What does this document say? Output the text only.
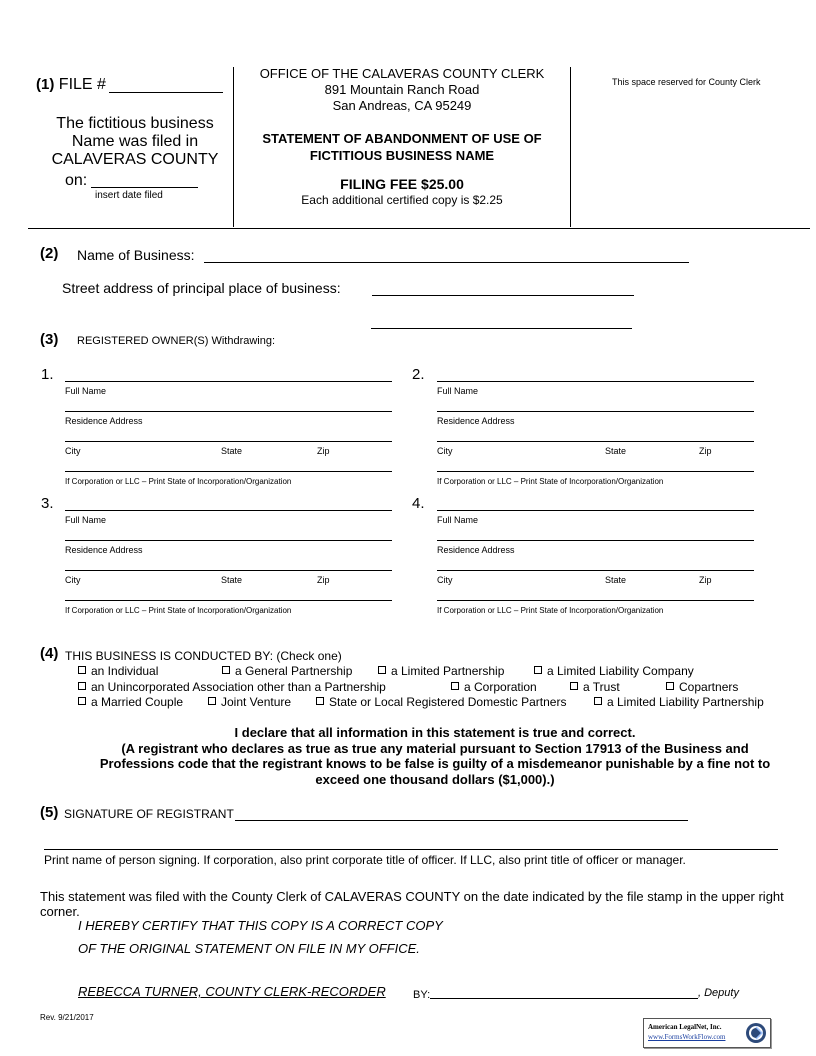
(1) FILE #
The fictitious business
Name was filed in
CALAVERAS COUNTY
on:
insert date filed
OFFICE OF THE CALAVERAS COUNTY CLERK
891 Mountain Ranch Road
San Andreas, CA 95249
STATEMENT OF ABANDONMENT OF USE OF
FICTITIOUS BUSINESS NAME
FILING FEE $25.00
Each additional certified copy is $2.25
This space reserved for County Clerk
(2) Name of Business:
Street address of principal place of business:
(3) REGISTERED OWNER(S) Withdrawing:
1.
Full Name
Residence Address
City	State	Zip
If Corporation or LLC – Print State of Incorporation/Organization
2.
Full Name
Residence Address
City	State	Zip
If Corporation or LLC – Print State of Incorporation/Organization
3.
Full Name
Residence Address
City	State	Zip
If Corporation or LLC – Print State of Incorporation/Organization
4.
Full Name
Residence Address
City	State	Zip
If Corporation or LLC – Print State of Incorporation/Organization
(4) THIS BUSINESS IS CONDUCTED BY: (Check one)
an Individual	a General Partnership	a Limited Partnership	a Limited Liability Company
an Unincorporated Association other than a Partnership	a Corporation	a Trust	Copartners
a Married Couple	Joint Venture	State or Local Registered Domestic Partners	a Limited Liability Partnership
I declare that all information in this statement is true and correct.
(A registrant who declares as true as true any material pursuant to Section 17913 of the Business and
Professions code that the registrant knows to be false is guilty of a misdemeanor punishable by a fine not to
exceed one thousand dollars ($1,000).)
(5) SIGNATURE OF REGISTRANT
Print name of person signing. If corporation, also print corporate title of officer. If LLC, also print title of officer or manager.
This statement was filed with the County Clerk of CALAVERAS COUNTY on the date indicated by the file stamp in the upper right corner.
I HEREBY CERTIFY THAT THIS COPY IS A CORRECT COPY
OF THE ORIGINAL STATEMENT ON FILE IN MY OFFICE.
REBECCA TURNER, COUNTY CLERK-RECORDER BY:	, Deputy
Rev. 9/21/2017
American LegalNet, Inc.
www.FormsWorkFlow.com
